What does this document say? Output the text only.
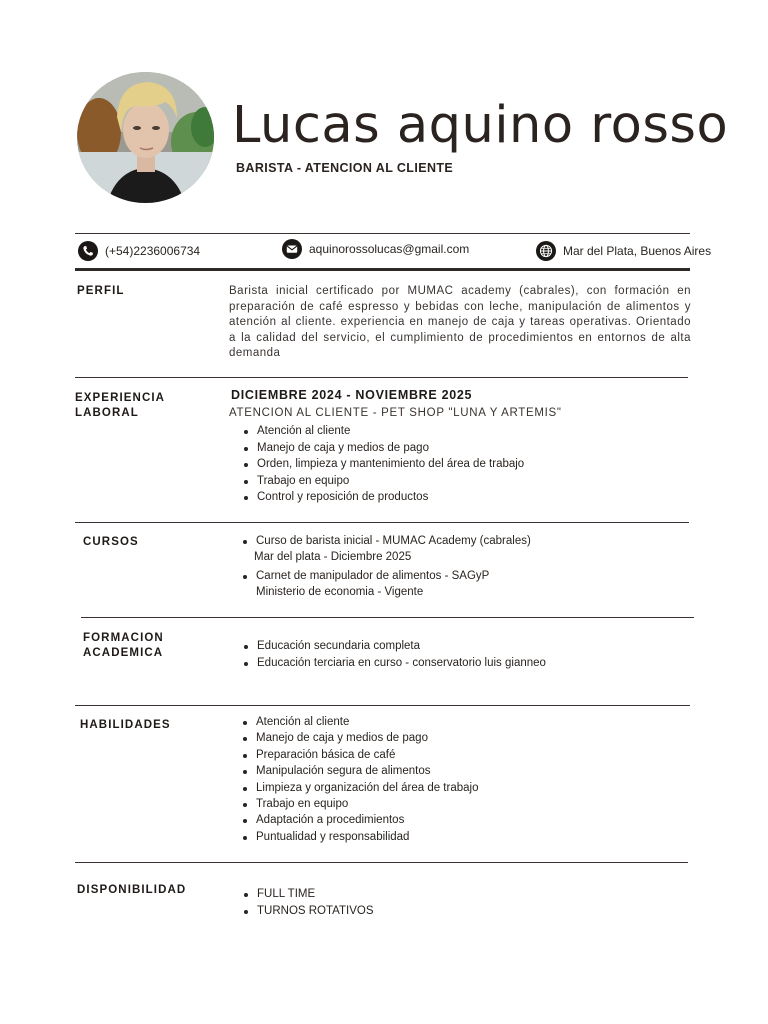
Lucas aquino rosso
BARISTA - ATENCION AL CLIENTE
(+54)2236006734	aquinorossolucas@gmail.com	Mar del Plata, Buenos Aires
PERFIL	Barista inicial certificado por MUMAC academy (cabrales), con formación en preparación de café espresso y bebidas con leche, manipulación de alimentos y atención al cliente. experiencia en manejo de caja y tareas operativas. Orientado a la calidad del servicio, el cumplimiento de procedimientos en entornos de alta demanda
EXPERIENCIA
LABORAL
DICIEMBRE 2024 - NOVIEMBRE 2025
ATENCION AL CLIENTE - PET SHOP "LUNA Y ARTEMIS"
Atención al cliente
Manejo de caja y medios de pago
Orden, limpieza y mantenimiento del área de trabajo
Trabajo en equipo
Control y reposición de productos
CURSOS	Curso de barista inicial - MUMAC Academy (cabrales)
Mar del plata - Diciembre 2025
Carnet de manipulador de alimentos - SAGyP
Ministerio de economia - Vigente
FORMACION
ACADEMICA
Educación secundaria completa
Educación terciaria en curso - conservatorio luis gianneo
HABILIDADES	Atención al cliente
Manejo de caja y medios de pago
Preparación básica de café
Manipulación segura de alimentos
Limpieza y organización del área de trabajo
Trabajo en equipo
Adaptación a procedimientos
Puntualidad y responsabilidad
DISPONIBILIDAD	FULL TIME
TURNOS ROTATIVOS
